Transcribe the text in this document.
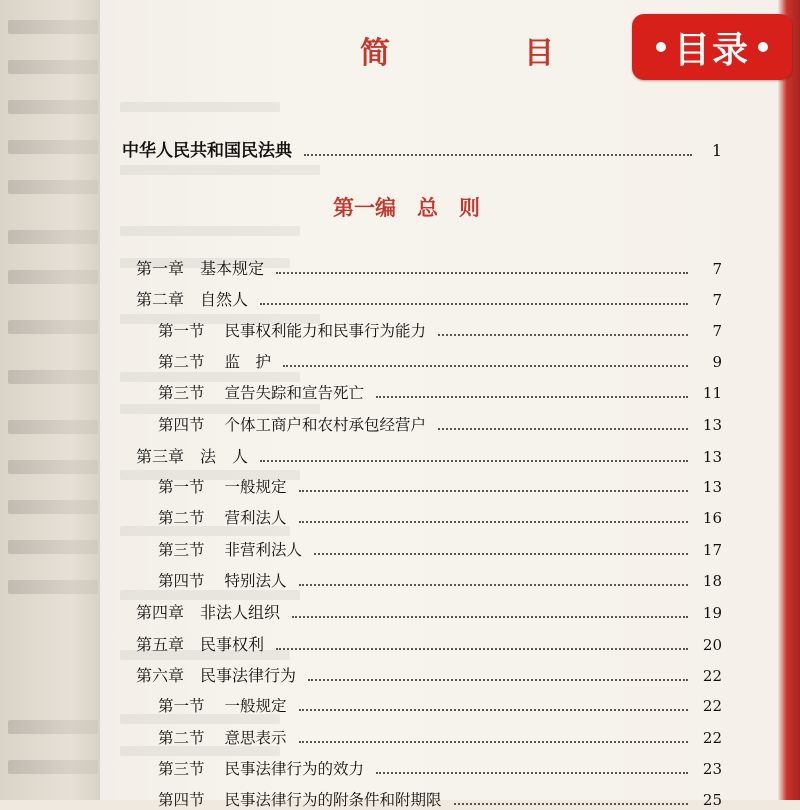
目录
简　目
中华人民共和国民法典	1
第一编　总　则
第一章 基本规定	7
第二章 自然人	7
第一节 民事权利能力和民事行为能力	7
第二节 监　护	9
第三节 宣告失踪和宣告死亡	11
第四节 个体工商户和农村承包经营户	13
第三章 法　人	13
第一节 一般规定	13
第二节 营利法人	16
第三节 非营利法人	17
第四节 特别法人	18
第四章 非法人组织	19
第五章 民事权利	20
第六章 民事法律行为	22
第一节 一般规定	22
第二节 意思表示	22
第三节 民事法律行为的效力	23
第四节 民事法律行为的附条件和附期限	25
